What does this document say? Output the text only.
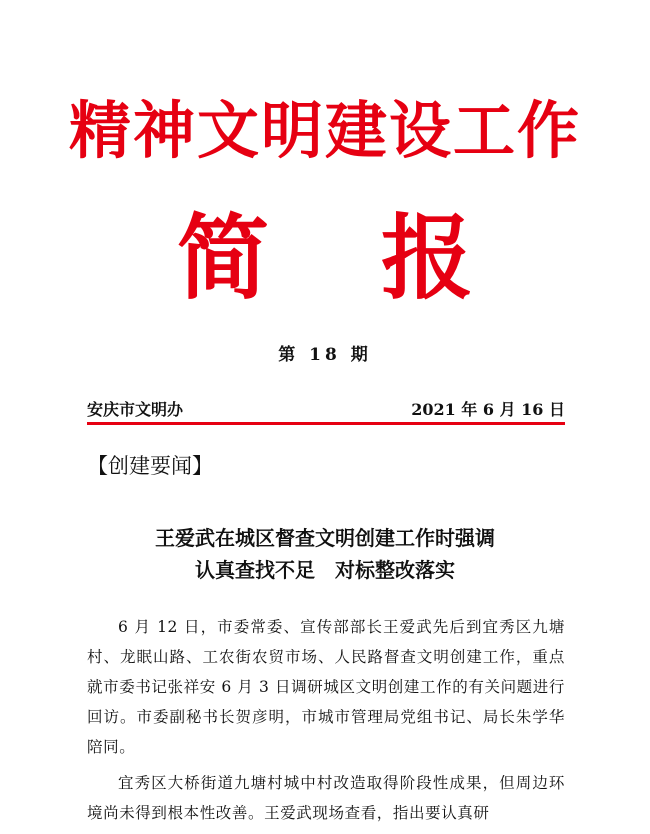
精神文明建设工作
简 报
第 18 期
安庆市文明办	2021 年 6 月 16 日
【创建要闻】
王爱武在城区督查文明创建工作时强调
认真查找不足　对标整改落实

6 月 12 日，市委常委、宣传部部长王爱武先后到宜秀区九塘村、龙眠山路、工农街农贸市场、人民路督查文明创建工作，重点就市委书记张祥安 6 月 3 日调研城区文明创建工作的有关问题进行回访。市委副秘书长贺彦明，市城市管理局党组书记、局长朱学华陪同。

宜秀区大桥街道九塘村城中村改造取得阶段性成果，但周边环境尚未得到根本性改善。王爱武现场查看，指出要认真研
